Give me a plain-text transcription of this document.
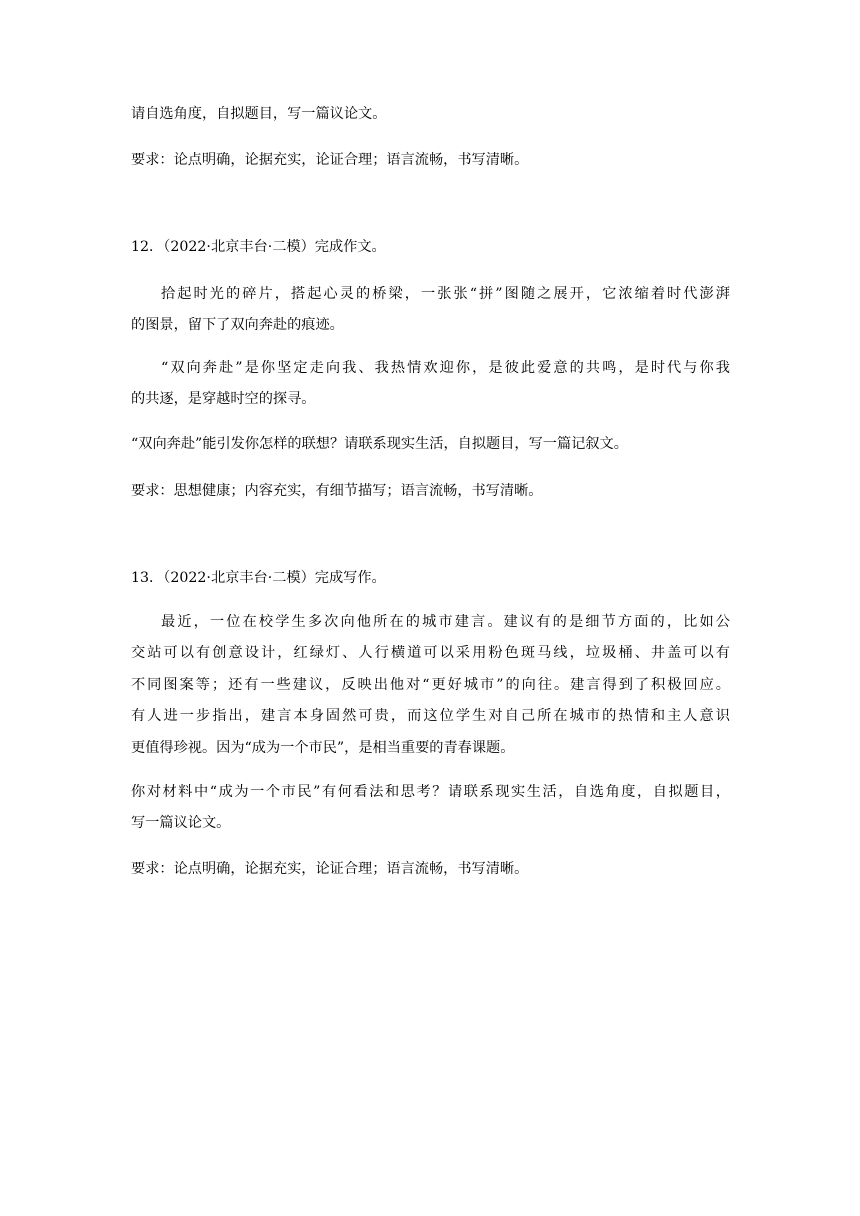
请自选角度，自拟题目，写一篇议论文。
要求：论点明确，论据充实，论证合理；语言流畅，书写清晰。
12．（2022·北京丰台·二模）完成作文。
拾起时光的碎片，搭起心灵的桥梁，一张张“拼”图随之展开，它浓缩着时代澎湃
的图景，留下了双向奔赴的痕迹。
“双向奔赴”是你坚定走向我、我热情欢迎你，是彼此爱意的共鸣，是时代与你我
的共逐，是穿越时空的探寻。
“双向奔赴”能引发你怎样的联想？请联系现实生活，自拟题目，写一篇记叙文。
要求：思想健康；内容充实，有细节描写；语言流畅，书写清晰。
13．（2022·北京丰台·二模）完成写作。
最近，一位在校学生多次向他所在的城市建言。建议有的是细节方面的，比如公
交站可以有创意设计，红绿灯、人行横道可以采用粉色斑马线，垃圾桶、井盖可以有
不同图案等；还有一些建议，反映出他对“更好城市”的向往。建言得到了积极回应。
有人进一步指出，建言本身固然可贵，而这位学生对自己所在城市的热情和主人意识
更值得珍视。因为“成为一个市民”，是相当重要的青春课题。
你对材料中“成为一个市民”有何看法和思考？请联系现实生活，自选角度，自拟题目，
写一篇议论文。
要求：论点明确，论据充实，论证合理；语言流畅，书写清晰。
